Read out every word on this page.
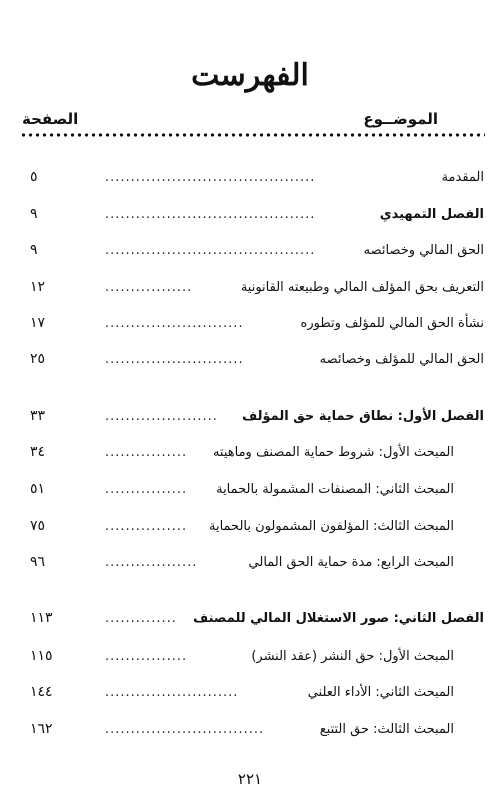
الفهرست
الموضــوع
الصفحة
المقدمة
.........................................
٥
الفصل التمهيدي
.........................................
٩
الحق المالي وخصائصه
.........................................
٩
التعريف بحق المؤلف المالي وطبيعته القانونية
.................
١٢
نشأة الحق المالي للمؤلف وتطوره
...........................
١٧
الحق المالي للمؤلف وخصائصه
...........................
٢٥
الفصل الأول: نطاق حماية حق المؤلف
......................
٣٣
المبحث الأول: شروط حماية المصنف وماهيته
................
٣٤
المبحث الثاني: المصنفات المشمولة بالحماية
................
٥١
المبحث الثالث: المؤلفون المشمولون بالحماية
................
٧٥
المبحث الرابع: مدة حماية الحق المالي
..................
٩٦
الفصل الثاني: صور الاستغلال المالي للمصنف
..............
١١٣
المبحث الأول: حق النشر (عقد النشر)
................
١١٥
المبحث الثاني: الأداء العلني
..........................
١٤٤
المبحث الثالث: حق التتبع
...............................
١٦٢
٢٢١
